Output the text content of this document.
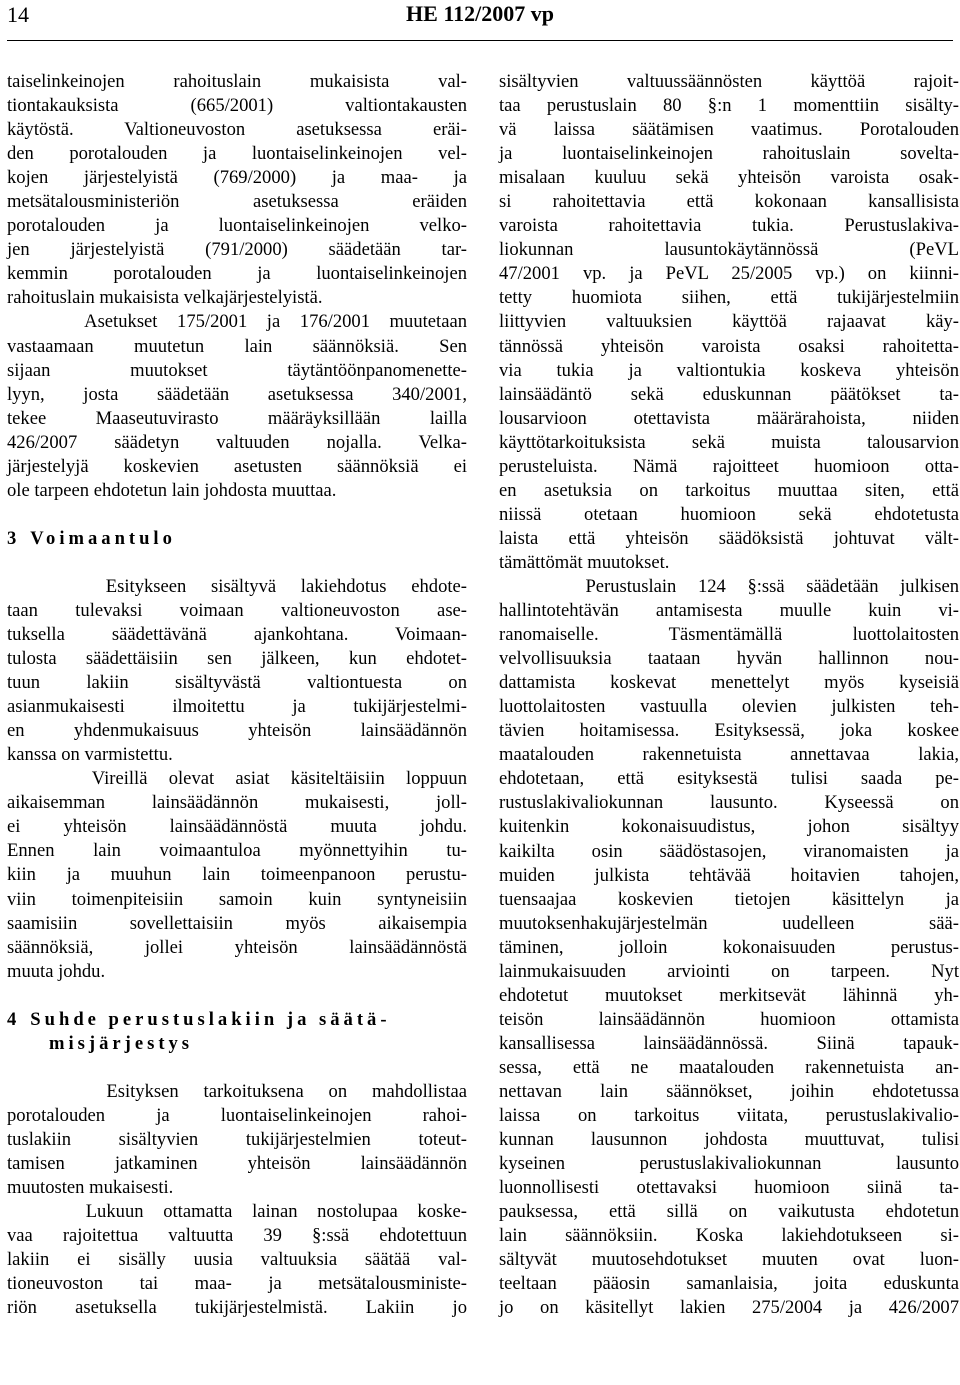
14	HE 112/2007 vp
taiselinkeinojen rahoituslain mukaisista val-
tiontakauksista (665/2001) valtiontakausten
käytöstä. Valtioneuvoston asetuksessa eräi-
den porotalouden ja luontaiselinkeinojen vel-
kojen järjestelyistä (769/2000) ja maa- ja
metsätalousministeriön asetuksessa eräiden
porotalouden ja luontaiselinkeinojen velko-
jen järjestelyistä (791/2000) säädetään tar-
kemmin porotalouden ja luontaiselinkeinojen
rahoituslain mukaisista velkajärjestelyistä.
Asetukset 175/2001 ja 176/2001 muutetaan
vastaamaan muutetun lain säännöksiä. Sen
sijaan muutokset täytäntöönpanomenette-
lyyn, josta säädetään asetuksessa 340/2001,
tekee Maaseutuvirasto määräyksillään lailla
426/2007 säädetyn valtuuden nojalla. Velka-
järjestelyjä koskevien asetusten säännöksiä ei
ole tarpeen ehdotetun lain johdosta muuttaa.
3 Voimaantulo
Esitykseen sisältyvä lakiehdotus ehdote-
taan tulevaksi voimaan valtioneuvoston ase-
tuksella säädettävänä ajankohtana. Voimaan-
tulosta säädettäisiin sen jälkeen, kun ehdotet-
tuun lakiin sisältyvästä valtiontuesta on
asianmukaisesti ilmoitettu ja tukijärjestelmi-
en yhdenmukaisuus yhteisön lainsäädännön
kanssa on varmistettu.
Vireillä olevat asiat käsiteltäisiin loppuun
aikaisemman lainsäädännön mukaisesti, joll-
ei yhteisön lainsäädännöstä muuta johdu.
Ennen lain voimaantuloa myönnettyihin tu-
kiin ja muuhun lain toimeenpanoon perustu-
viin toimenpiteisiin samoin kuin syntyneisiin
saamisiin sovellettaisiin myös aikaisempia
säännöksiä, jollei yhteisön lainsäädännöstä
muuta johdu.
4 Suhde perustuslakiin ja säätä-
misjärjestys
Esityksen tarkoituksena on mahdollistaa
porotalouden ja luontaiselinkeinojen rahoi-
tuslakiin sisältyvien tukijärjestelmien toteut-
tamisen jatkaminen yhteisön lainsäädännön
muutosten mukaisesti.
Lukuun ottamatta lainan nostolupaa koske-
vaa rajoitettua valtuutta 39 §:ssä ehdotettuun
lakiin ei sisälly uusia valtuuksia säätää val-
tioneuvoston tai maa- ja metsätalousministe-
riön asetuksella tukijärjestelmistä. Lakiin jo
sisältyvien valtuussäännösten käyttöä rajoit-
taa perustuslain 80 §:n 1 momenttiin sisälty-
vä laissa säätämisen vaatimus. Porotalouden
ja luontaiselinkeinojen rahoituslain soveltа-
misalaan kuuluu sekä yhteisön varoista osak-
si rahoitettavia että kokonaan kansallisista
varoista rahoitettavia tukia. Perustuslakiva-
liokunnan lausuntokäytännössä (PeVL
47/2001 vp. ja PeVL 25/2005 vp.) on kiinni-
tetty huomiota siihen, että tukijärjestelmiin
liittyvien valtuuksien käyttöä rajaavat käy-
tännössä yhteisön varoista osaksi rahoitetta-
via tukia ja valtiontukia koskeva yhteisön
lainsäädäntö sekä eduskunnan päätökset ta-
lousarvioon otettavista määrärahoista, niiden
käyttötarkoituksista sekä muista talousarvion
perusteluista. Nämä rajoitteet huomioon otta-
en asetuksia on tarkoitus muuttaa siten, että
niissä otetaan huomioon sekä ehdotetusta
laista että yhteisön säädöksistä johtuvat vält-
tämättömät muutokset.
Perustuslain 124 §:ssä säädetään julkisen
hallintotehtävän antamisesta muulle kuin vi-
ranomaiselle. Täsmentämällä luottolaitosten
velvollisuuksia taataan hyvän hallinnon nou-
dattamista koskevat menettelyt myös kyseisiä
luottolaitosten vastuulla olevien julkisten teh-
tävien hoitamisessa. Esityksessä, joka koskee
maatalouden rakennetuista annettavaa lakia,
ehdotetaan, että esityksestä tulisi saada pe-
rustuslakivaliokunnan lausunto. Kyseessä on
kuitenkin kokonaisuudistus, johon sisältyy
kaikilta osin säädöstasojen, viranomaisten ja
muiden julkista tehtävää hoitavien tahojen,
tuensaajaa koskevien tietojen käsittelyn ja
muutoksenhakujärjestelmän uudelleen sää-
täminen, jolloin kokonaisuuden perustus-
lainmukaisuuden arviointi on tarpeen. Nyt
ehdotetut muutokset merkitsevät lähinnä yh-
teisön lainsäädännön huomioon ottamista
kansallisessa lainsäädännössä. Siinä tapauk-
sessa, että ne maatalouden rakennetuista an-
nettavan lain säännökset, joihin ehdotetussa
laissa on tarkoitus viitata, perustuslakivalio-
kunnan lausunnon johdosta muuttuvat, tulisi
kyseinen perustuslakivaliokunnan lausunto
luonnollisesti otettavaksi huomioon siinä ta-
pauksessa, että sillä on vaikutusta ehdotetun
lain säännöksiin. Koska lakiehdotukseen si-
sältyvät muutosehdotukset muuten ovat luon-
teeltaan pääosin samanlaisia, joita eduskunta
jo on käsitellyt lakien 275/2004 ja 426/2007
